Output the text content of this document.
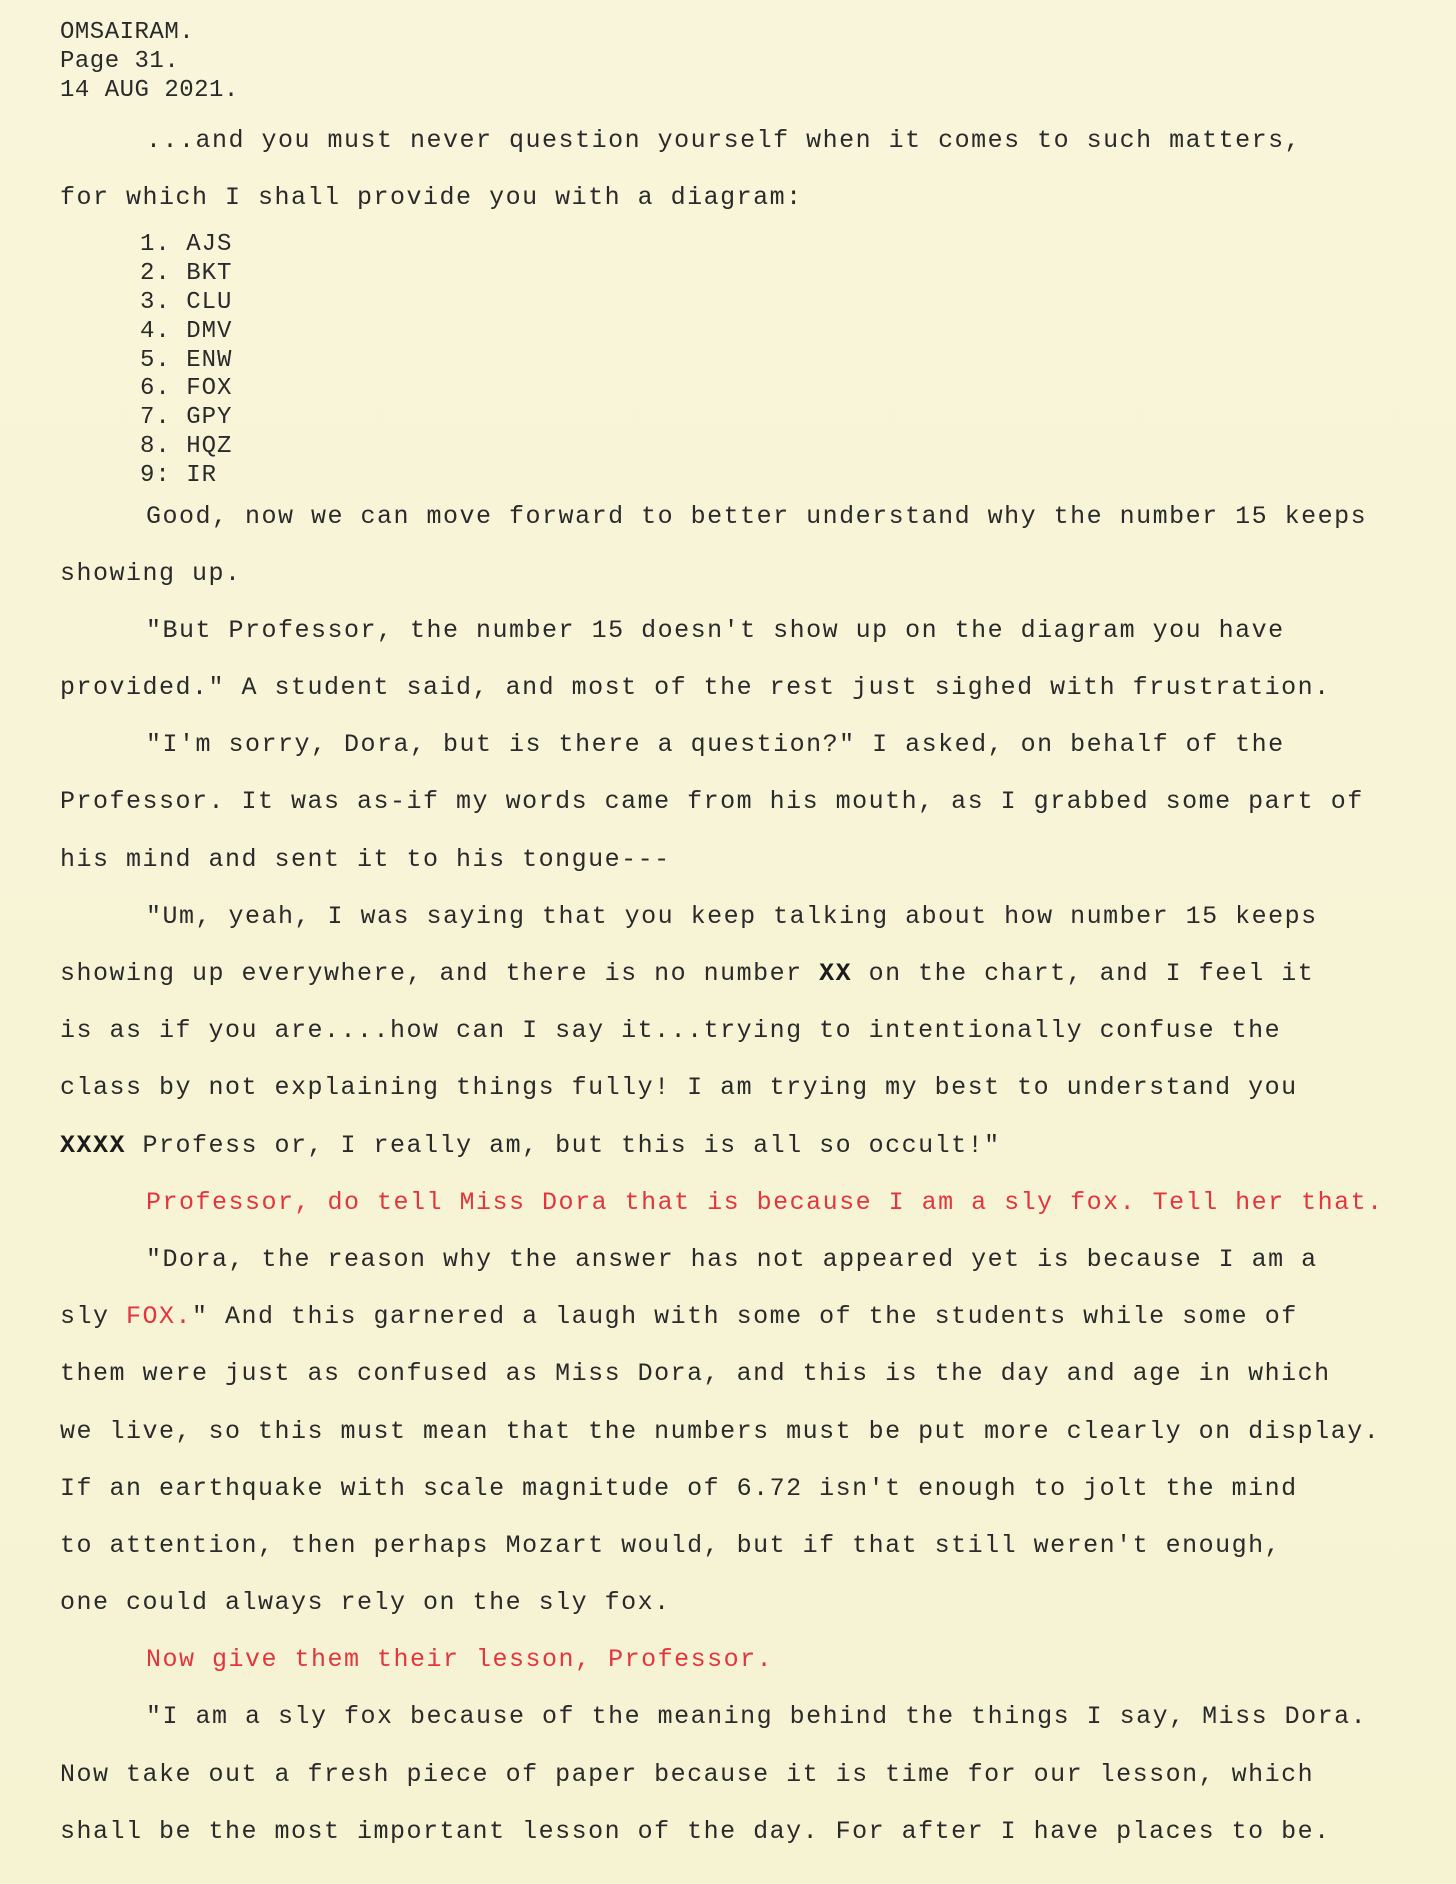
OMSAIRAM.
Page 31.
14 AUG 2021.
...and you must never question yourself when it comes to such matters,
for which I shall provide you with a diagram:
1. AJS
2. BKT
3. CLU
4. DMV
5. ENW
6. FOX
7. GPY
8. HQZ
9: IR
Good, now we can move forward to better understand why the number 15 keeps
showing up.
"But Professor, the number 15 doesn't show up on the diagram you have
provided." A student said, and most of the rest just sighed with frustration.
"I'm sorry, Dora, but is there a question?" I asked, on behalf of the
Professor. It was as-if my words came from his mouth, as I grabbed some part of
his mind and sent it to his tongue---
"Um, yeah, I was saying that you keep talking about how number 15 keeps
showing up everywhere, and there is no number XX on the chart, and I feel it
is as if you are....how can I say it...trying to intentionally confuse the
class by not explaining things fully! I am trying my best to understand you
XXXX Profess or, I really am, but this is all so occult!"
Professor, do tell Miss Dora that is because I am a sly fox. Tell her that.
"Dora, the reason why the answer has not appeared yet is because I am a
sly FOX." And this garnered a laugh with some of the students while some of
them were just as confused as Miss Dora, and this is the day and age in which
we live, so this must mean that the numbers must be put more clearly on display.
If an earthquake with scale magnitude of 6.72 isn't enough to jolt the mind
to attention, then perhaps Mozart would, but if that still weren't enough,
one could always rely on the sly fox.
Now give them their lesson, Professor.
"I am a sly fox because of the meaning behind the things I say, Miss Dora.
Now take out a fresh piece of paper because it is time for our lesson, which
shall be the most important lesson of the day. For after I have places to be.
